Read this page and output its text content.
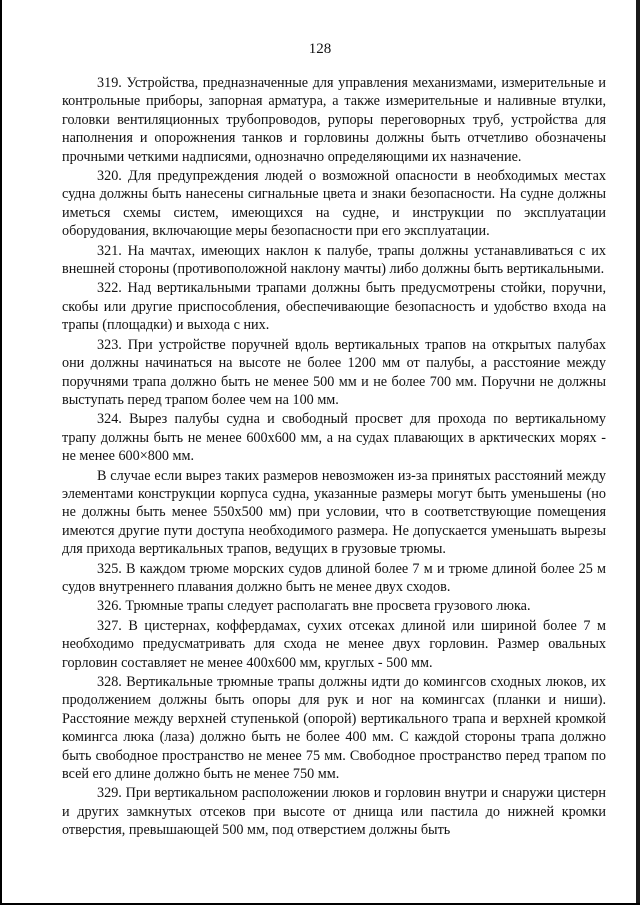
128

319. Устройства, предназначенные для управления механизмами, измерительные и контрольные приборы, запорная арматура, а также измерительные и наливные втулки, головки вентиляционных трубопроводов, рупоры переговорных труб, устройства для наполнения и опорожнения танков и горловины должны быть отчетливо обозначены прочными четкими надписями, однозначно определяющими их назначение.

320. Для предупреждения людей о возможной опасности в необходимых местах судна должны быть нанесены сигнальные цвета и знаки безопасности. На судне должны иметься схемы систем, имеющихся на судне, и инструкции по эксплуатации оборудования, включающие меры безопасности при его эксплуатации.

321. На мачтах, имеющих наклон к палубе, трапы должны устанавливаться с их внешней стороны (противоположной наклону мачты) либо должны быть вертикальными.

322. Над вертикальными трапами должны быть предусмотрены стойки, поручни, скобы или другие приспособления, обеспечивающие безопасность и удобство входа на трапы (площадки) и выхода с них.

323. При устройстве поручней вдоль вертикальных трапов на открытых палубах они должны начинаться на высоте не более 1200 мм от палубы, а расстояние между поручнями трапа должно быть не менее 500 мм и не более 700 мм. Поручни не должны выступать перед трапом более чем на 100 мм.

324. Вырез палубы судна и свободный просвет для прохода по вертикальному трапу должны быть не менее 600x600 мм, а на судах плавающих в арктических морях - не менее 600×800 мм.

В случае если вырез таких размеров невозможен из-за принятых расстояний между элементами конструкции корпуса судна, указанные размеры могут быть уменьшены (но не должны быть менее 550x500 мм) при условии, что в соответствующие помещения имеются другие пути доступа необходимого размера. Не допускается уменьшать вырезы для прихода вертикальных трапов, ведущих в грузовые трюмы.

325. В каждом трюме морских судов длиной более 7 м и трюме длиной более 25 м судов внутреннего плавания должно быть не менее двух сходов.

326. Трюмные трапы следует располагать вне просвета грузового люка.

327. В цистернах, коффердамах, сухих отсеках длиной или шириной более 7 м необходимо предусматривать для схода не менее двух горловин. Размер овальных горловин составляет не менее 400x600 мм, круглых - 500 мм.

328. Вертикальные трюмные трапы должны идти до комингсов сходных люков, их продолжением должны быть опоры для рук и ног на комингсах (планки и ниши). Расстояние между верхней ступенькой (опорой) вертикального трапа и верхней кромкой комингса люка (лаза) должно быть не более 400 мм. С каждой стороны трапа должно быть свободное пространство не менее 75 мм. Свободное пространство перед трапом по всей его длине должно быть не менее 750 мм.

329. При вертикальном расположении люков и горловин внутри и снаружи цистерн и других замкнутых отсеков при высоте от днища или пастила до нижней кромки отверстия, превышающей 500 мм, под отверстием должны быть
